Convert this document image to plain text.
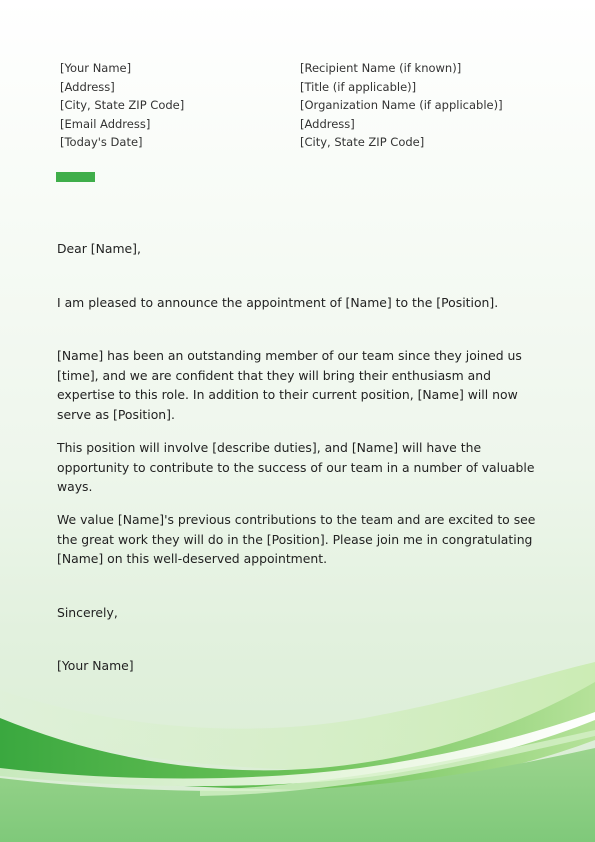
[Your Name]
[Address]
[City, State ZIP Code]
[Email Address]
[Today's Date]
[Recipient Name (if known)]
[Title (if applicable)]
[Organization Name (if applicable)]
[Address]
[City, State ZIP Code]

Dear [Name],

I am pleased to announce the appointment of [Name] to the [Position].

[Name] has been an outstanding member of our team since they joined us [time], and we are confident that they will bring their enthusiasm and expertise to this role. In addition to their current position, [Name] will now serve as [Position].

This position will involve [describe duties], and [Name] will have the opportunity to contribute to the success of our team in a number of valuable ways.

We value [Name]'s previous contributions to the team and are excited to see the great work they will do in the [Position]. Please join me in congratulating [Name] on this well-deserved appointment.

Sincerely,

[Your Name]
